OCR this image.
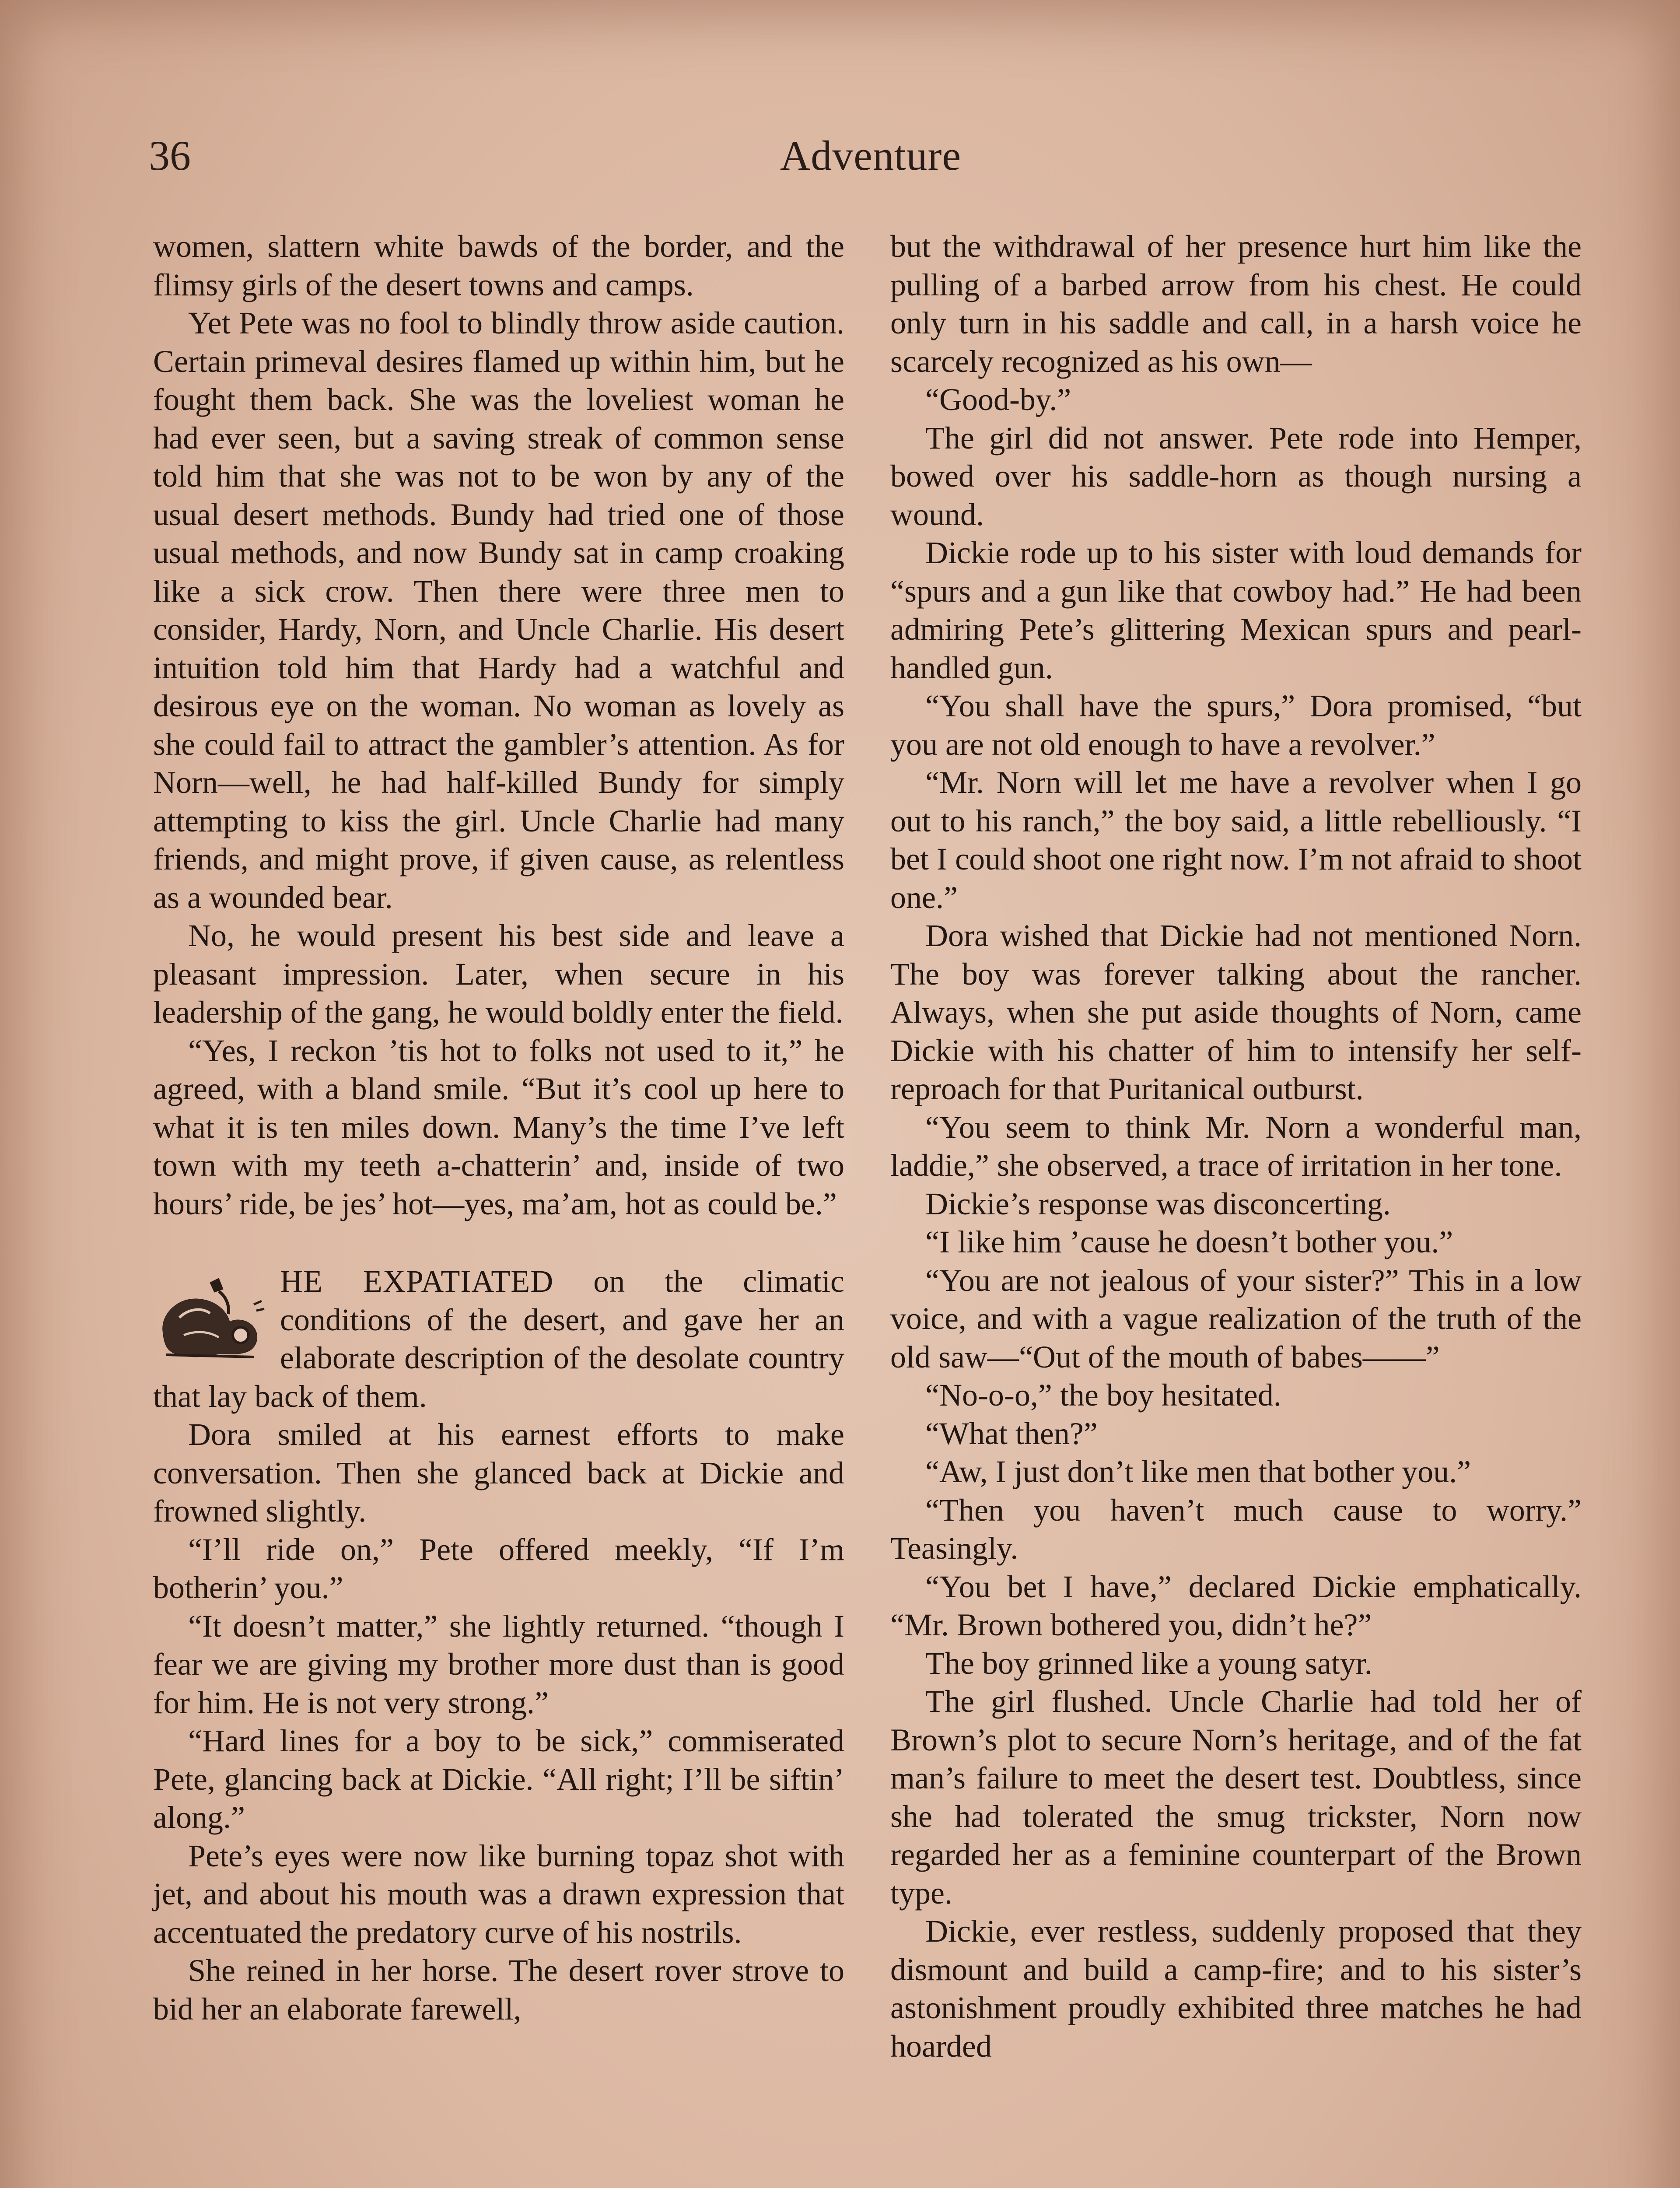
Adventure
36

women, slattern white bawds of the border, and the flimsy girls of the desert towns and camps.

Yet Pete was no fool to blindly throw aside caution. Certain primeval desires flamed up within him, but he fought them back. She was the loveliest woman he had ever seen, but a saving streak of common sense told him that she was not to be won by any of the usual desert methods. Bundy had tried one of those usual methods, and now Bundy sat in camp croaking like a sick crow. Then there were three men to consider, Hardy, Norn, and Uncle Charlie. His desert intuition told him that Hardy had a watchful and desirous eye on the woman. No woman as lovely as she could fail to attract the gambler’s attention. As for Norn—well, he had half-killed Bundy for simply attempting to kiss the girl. Uncle Charlie had many friends, and might prove, if given cause, as relentless as a wounded bear.

No, he would present his best side and leave a pleasant impression. Later, when secure in his leadership of the gang, he would boldly enter the field.

“Yes, I reckon ’tis hot to folks not used to it,” he agreed, with a bland smile. “But it’s cool up here to what it is ten miles down. Many’s the time I’ve left town with my teeth a-chatterin’ and, inside of two hours’ ride, be jes’ hot—yes, ma’am, hot as could be.”

HE EXPATIATED on the climatic conditions of the desert, and gave her an elaborate description of the desolate country that lay back of them.

Dora smiled at his earnest efforts to make conversation. Then she glanced back at Dickie and frowned slightly.

“I’ll ride on,” Pete offered meekly, “If I’m botherin’ you.”

“It doesn’t matter,” she lightly returned. “though I fear we are giving my brother more dust than is good for him. He is not very strong.”

“Hard lines for a boy to be sick,” commiserated Pete, glancing back at Dickie. “All right; I’ll be siftin’ along.”

Pete’s eyes were now like burning topaz shot with jet, and about his mouth was a drawn expression that accentuated the predatory curve of his nostrils.

She reined in her horse. The desert rover strove to bid her an elaborate farewell,

but the withdrawal of her presence hurt him like the pulling of a barbed arrow from his chest. He could only turn in his saddle and call, in a harsh voice he scarcely recognized as his own—

“Good-by.”

The girl did not answer. Pete rode into Hemper, bowed over his saddle-horn as though nursing a wound.

Dickie rode up to his sister with loud demands for “spurs and a gun like that cowboy had.” He had been admiring Pete’s glittering Mexican spurs and pearl-handled gun.

“You shall have the spurs,” Dora promised, “but you are not old enough to have a revolver.”

“Mr. Norn will let me have a revolver when I go out to his ranch,” the boy said, a little rebelliously. “I bet I could shoot one right now. I’m not afraid to shoot one.”

Dora wished that Dickie had not mentioned Norn. The boy was forever talking about the rancher. Always, when she put aside thoughts of Norn, came Dickie with his chatter of him to intensify her self-reproach for that Puritanical outburst.

“You seem to think Mr. Norn a wonderful man, laddie,” she observed, a trace of irritation in her tone.

Dickie’s response was disconcerting.

“I like him ’cause he doesn’t bother you.”

“You are not jealous of your sister?” This in a low voice, and with a vague realization of the truth of the old saw—“Out of the mouth of babes——”

“No-o-o,” the boy hesitated.

“What then?”

“Aw, I just don’t like men that bother you.”

“Then you haven’t much cause to worry.” Teasingly.

“You bet I have,” declared Dickie emphatically. “Mr. Brown bothered you, didn’t he?”

The boy grinned like a young satyr.

The girl flushed. Uncle Charlie had told her of Brown’s plot to secure Norn’s heritage, and of the fat man’s failure to meet the desert test. Doubtless, since she had tolerated the smug trickster, Norn now regarded her as a feminine counterpart of the Brown type.

Dickie, ever restless, suddenly proposed that they dismount and build a camp-fire; and to his sister’s astonishment proudly exhibited three matches he had hoarded
